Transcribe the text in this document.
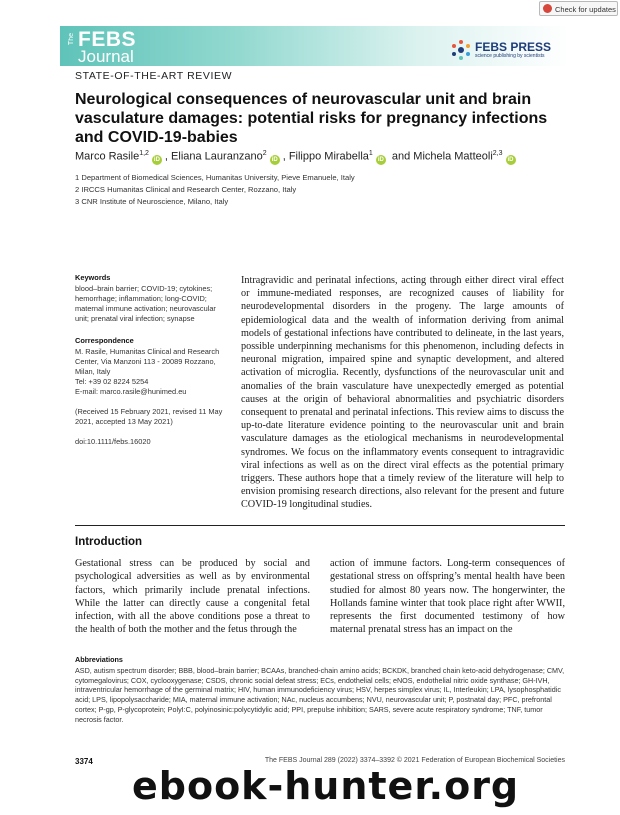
Check for updates
The FEBS
Journal	FEBS PRESS
science publishing by scientists
STATE-OF-THE-ART REVIEW
Neurological consequences of neurovascular unit and brain vasculature damages: potential risks for pregnancy infections and COVID-19-babies
Marco Rasile$^{1,2}$iD , Eliana Lauranzano$^2$iD , Filippo Mirabella$^1$iD and Michela Matteoli$^{2,3}$iD
1 Department of Biomedical Sciences, Humanitas University, Pieve Emanuele, Italy
2 IRCCS Humanitas Clinical and Research Center, Rozzano, Italy
3 CNR Institute of Neuroscience, Milano, Italy
Keywords
blood–brain barrier; COVID-19; cytokines; hemorrhage; inflammation; long-COVID; maternal immune activation; neurovascular unit; prenatal viral infection; synapse
Correspondence
M. Rasile, Humanitas Clinical and Research
Center, Via Manzoni 113 - 20089 Rozzano,
Milan, Italy
Tel: +39 02 8224 5254
E-mail: marco.rasile@hunimed.eu
(Received 15 February 2021, revised 11 May 2021, accepted 13 May 2021)
doi:10.1111/febs.16020
Intragravidic and perinatal infections, acting through either direct viral effect or immune-mediated responses, are recognized causes of liability for neurodevelopmental disorders in the progeny. The large amounts of epidemiological data and the wealth of information deriving from animal models of gestational infections have contributed to delineate, in the last years, possible underpinning mechanisms for this phenomenon, including defects in neuronal migration, impaired spine and synaptic development, and altered activation of microglia. Recently, dysfunctions of the neurovascular unit and anomalies of the brain vasculature have unexpectedly emerged as potential causes at the origin of behavioral abnormalities and psychiatric disorders consequent to prenatal and perinatal infections. This review aims to discuss the up-to-date literature evidence pointing to the neurovascular unit and brain vasculature damages as the etiological mechanisms in neurodevelopmental syndromes. We focus on the inflammatory events consequent to intragravidic viral infections as well as on the direct viral effects as the potential primary triggers. These authors hope that a timely review of the literature will help to envision promising research directions, also relevant for the present and future COVID-19 longitudinal studies.
Introduction
Gestational stress can be produced by social and psychological adversities as well as by environmental factors, which primarily include prenatal infections. While the latter can directly cause a congenital fetal infection, with all the above conditions pose a threat to the health of both the mother and the fetus through the
action of immune factors. Long-term consequences of gestational stress on offspring’s mental health have been studied for almost 80 years now. The hongerwinter, the Hollands famine winter that took place right after WWII, represents the first documented testimony of how maternal prenatal stress has an impact on the
Abbreviations
ASD, autism spectrum disorder; BBB, blood–brain barrier; BCAAs, branched-chain amino acids; BCKDK, branched chain keto-acid dehydrogenase; CMV, cytomegalovirus; COX, cyclooxygenase; CSDS, chronic social defeat stress; ECs, endothelial cells; eNOS, endothelial nitric oxide synthase; GH-IVH, intraventricular hemorrhage of the germinal matrix; HIV, human immunodeficiency virus; HSV, herpes simplex virus; IL, Interleukin; LPA, lysophosphatidic acid; LPS, lipopolysaccharide; MIA, maternal immune activation; NAc, nucleus accumbens; NVU, neurovascular unit; P, postnatal day; PFC, prefrontal cortex; P-gp, P-glycoprotein; PolyI:C, polyinosinic:polycytidylic acid; PPI, prepulse inhibition; SARS, severe acute respiratory syndrome; TNF, tumor necrosis factor.
3374	The FEBS Journal 289 (2022) 3374–3392 © 2021 Federation of European Biochemical Societies
ebook-hunter.org
